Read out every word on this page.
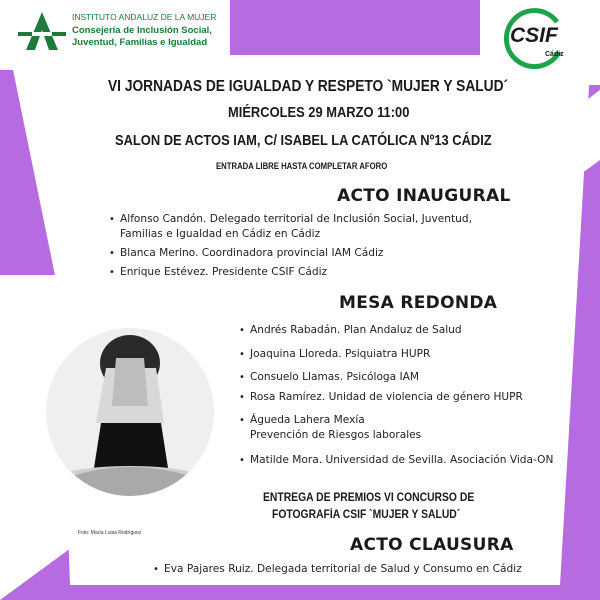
INSTITUTO ANDALUZ DE LA MUJER
Consejería de Inclusión Social,
Juventud, Familias e Igualdad	CSIF
Cádiz
VI JORNADAS DE IGUALDAD Y RESPETO `MUJER Y SALUD´
MIÉRCOLES 29 MARZO 11:00
SALON DE ACTOS IAM, C/ ISABEL LA CATÓLICA Nº13 CÁDIZ
ENTRADA LIBRE HASTA COMPLETAR AFORO
ACTO INAUGURAL
• Alfonso Candón. Delegado territorial de Inclusión Social, Juventud,
Familias e Igualdad en Cádiz en Cádiz
• Blanca Merino. Coordinadora provincial IAM Cádiz
• Enrique Estévez. Presidente CSIF Cádiz
MESA REDONDA
• Andrés Rabadán. Plan Andaluz de Salud
• Joaquina Lloreda. Psiquiatra HUPR
• Consuelo Llamas. Psicóloga IAM
• Rosa Ramírez. Unidad de violencia de género HUPR
• Águeda Lahera Mexía
Prevención de Riesgos laborales
• Matilde Mora. Universidad de Sevilla. Asociación Vida-ON
Foto: María Luisa Rodríguez
ENTREGA DE PREMIOS VI CONCURSO DE
FOTOGRAFÍA CSIF `MUJER Y SALUD´
ACTO CLAUSURA
• Eva Pajares Ruiz. Delegada territorial de Salud y Consumo en Cádiz
